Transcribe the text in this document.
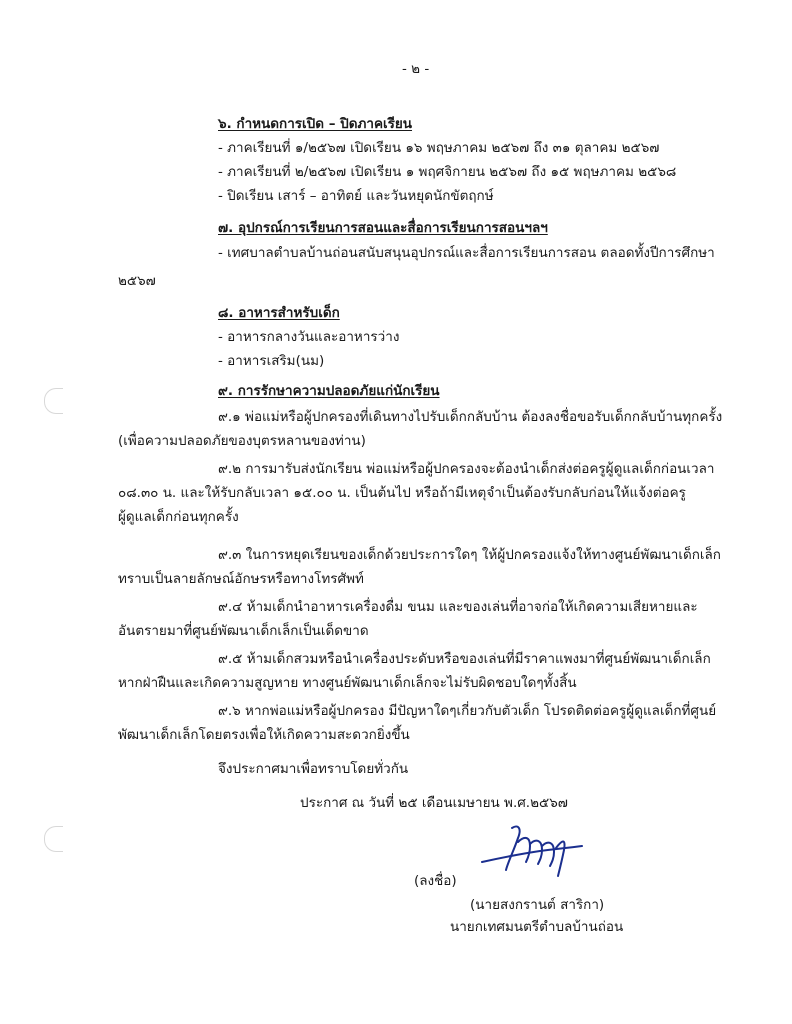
- ๒ -
๖. กำหนดการเปิด – ปิดภาคเรียน
- ภาคเรียนที่ ๑/๒๕๖๗ เปิดเรียน ๑๖ พฤษภาคม ๒๕๖๗ ถึง ๓๑ ตุลาคม ๒๕๖๗
- ภาคเรียนที่ ๒/๒๕๖๗ เปิดเรียน ๑ พฤศจิกายน ๒๕๖๗ ถึง ๑๕ พฤษภาคม ๒๕๖๘
- ปิดเรียน เสาร์ – อาทิตย์ และวันหยุดนักขัตฤกษ์
๗. อุปกรณ์การเรียนการสอนและสื่อการเรียนการสอนฯลฯ
- เทศบาลตำบลบ้านถ่อนสนับสนุนอุปกรณ์และสื่อการเรียนการสอน ตลอดทั้งปีการศึกษา
๒๕๖๗
๘. อาหารสำหรับเด็ก
- อาหารกลางวันและอาหารว่าง
- อาหารเสริม(นม)
๙. การรักษาความปลอดภัยแก่นักเรียน
๙.๑ พ่อแม่หรือผู้ปกครองที่เดินทางไปรับเด็กกลับบ้าน ต้องลงชื่อขอรับเด็กกลับบ้านทุกครั้ง
(เพื่อความปลอดภัยของบุตรหลานของท่าน)
๙.๒ การมารับส่งนักเรียน พ่อแม่หรือผู้ปกครองจะต้องนำเด็กส่งต่อครูผู้ดูแลเด็กก่อนเวลา
๐๘.๓๐ น. และให้รับกลับเวลา ๑๕.๐๐ น. เป็นต้นไป หรือถ้ามีเหตุจำเป็นต้องรับกลับก่อนให้แจ้งต่อครู
ผู้ดูแลเด็กก่อนทุกครั้ง
๙.๓ ในการหยุดเรียนของเด็กด้วยประการใดๆ ให้ผู้ปกครองแจ้งให้ทางศูนย์พัฒนาเด็กเล็ก
ทราบเป็นลายลักษณ์อักษรหรือทางโทรศัพท์
๙.๔ ห้ามเด็กนำอาหารเครื่องดื่ม ขนม และของเล่นที่อาจก่อให้เกิดความเสียหายและ
อันตรายมาที่ศูนย์พัฒนาเด็กเล็กเป็นเด็ดขาด
๙.๕ ห้ามเด็กสวมหรือนำเครื่องประดับหรือของเล่นที่มีราคาแพงมาที่ศูนย์พัฒนาเด็กเล็ก
หากฝ่าฝืนและเกิดความสูญหาย ทางศูนย์พัฒนาเด็กเล็กจะไม่รับผิดชอบใดๆทั้งสิ้น
๙.๖ หากพ่อแม่หรือผู้ปกครอง มีปัญหาใดๆเกี่ยวกับตัวเด็ก โปรดติดต่อครูผู้ดูแลเด็กที่ศูนย์
พัฒนาเด็กเล็กโดยตรงเพื่อให้เกิดความสะดวกยิ่งขึ้น
จึงประกาศมาเพื่อทราบโดยทั่วกัน
ประกาศ ณ วันที่ ๒๕ เดือนเมษายน พ.ศ.๒๕๖๗
(ลงชื่อ)
(นายสงกรานต์ สาริกา)
นายกเทศมนตรีตำบลบ้านถ่อน
